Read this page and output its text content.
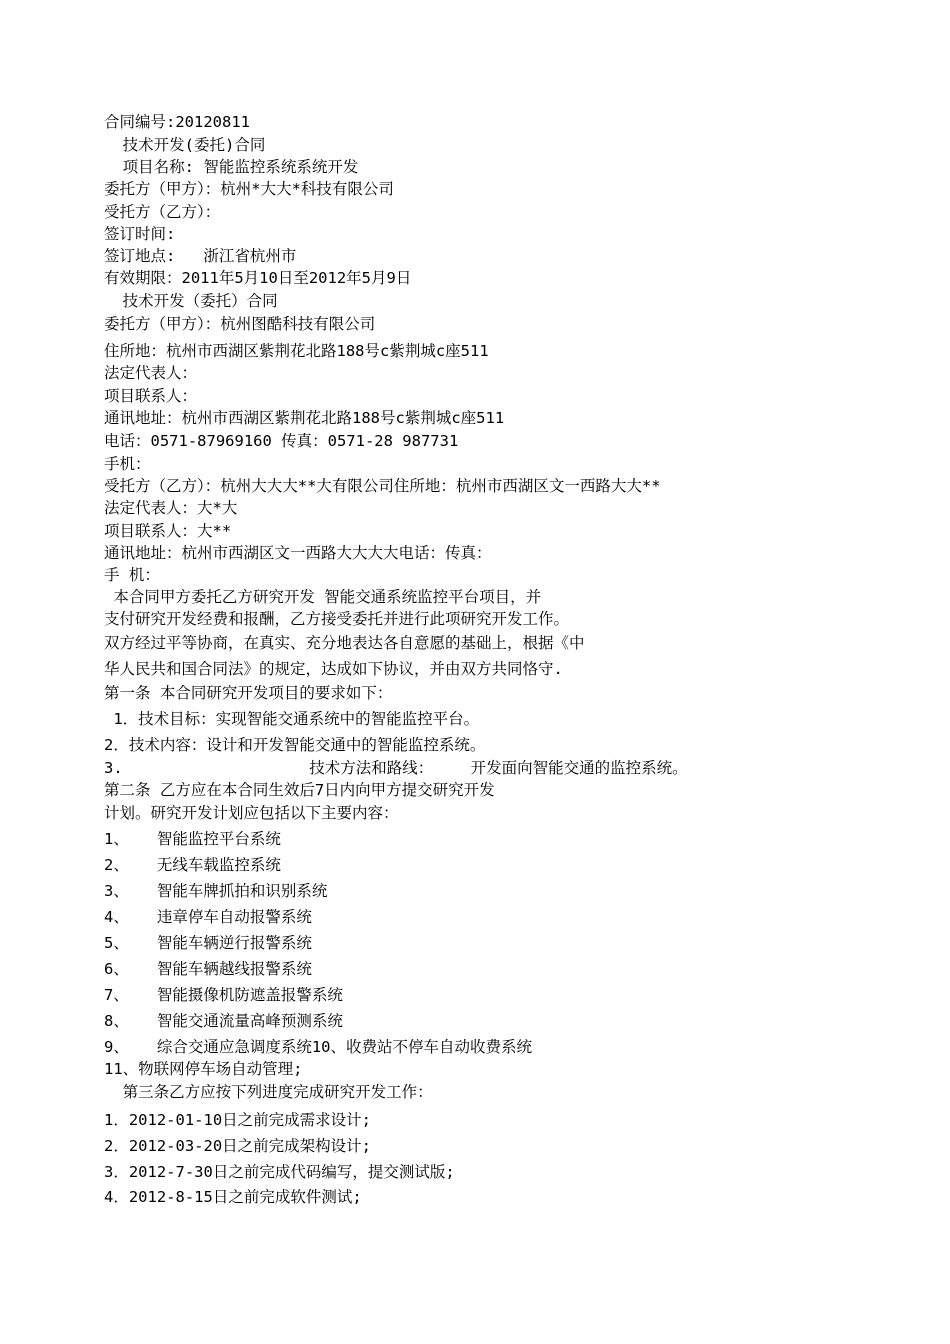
合同编号:20120811
技术开发(委托)合同
项目名称: 智能监控系统系统开发
委托方（甲方）：杭州*大大*科技有限公司
受托方（乙方）：
签订时间:
签订地点:   浙江省杭州市
有效期限：2011年5月10日至2012年5月9日
技术开发（委托）合同
委托方（甲方）：杭州图酷科技有限公司
住所地：杭州市西湖区紫荆花北路188号c紫荆城c座511
法定代表人：
项目联系人：
通讯地址：杭州市西湖区紫荆花北路188号c紫荆城c座511
电话：0571-87969160 传真：0571-28 987731
手机：
受托方（乙方）：杭州大大大**大有限公司住所地：杭州市西湖区文一西路大大**
法定代表人：大*大
项目联系人：大**
通讯地址：杭州市西湖区文一西路大大大大电话：传真：
手 机：
本合同甲方委托乙方研究开发 智能交通系统监控平台项目，并
支付研究开发经费和报酬，乙方接受委托并进行此项研究开发工作。
双方经过平等协商，在真实、充分地表达各自意愿的基础上，根据《中
华人民共和国合同法》的规定，达成如下协议，并由双方共同恪守.
第一条 本合同研究开发项目的要求如下：
1．技术目标：实现智能交通系统中的智能监控平台。
2．技术内容：设计和开发智能交通中的智能监控系统。
3.                    技术方法和路线：    开发面向智能交通的监控系统。
第二条 乙方应在本合同生效后7日内向甲方提交研究开发
计划。研究开发计划应包括以下主要内容：
1、   智能监控平台系统
2、   无线车载监控系统
3、   智能车牌抓拍和识别系统
4、   违章停车自动报警系统
5、   智能车辆逆行报警系统
6、   智能车辆越线报警系统
7、   智能摄像机防遮盖报警系统
8、   智能交通流量高峰预测系统
9、   综合交通应急调度系统10、收费站不停车自动收费系统
11、物联网停车场自动管理;
第三条乙方应按下列进度完成研究开发工作：
1．2012-01-10日之前完成需求设计;
2．2012-03-20日之前完成架构设计;
3．2012-7-30日之前完成代码编写，提交测试版;
4．2012-8-15日之前完成软件测试;
